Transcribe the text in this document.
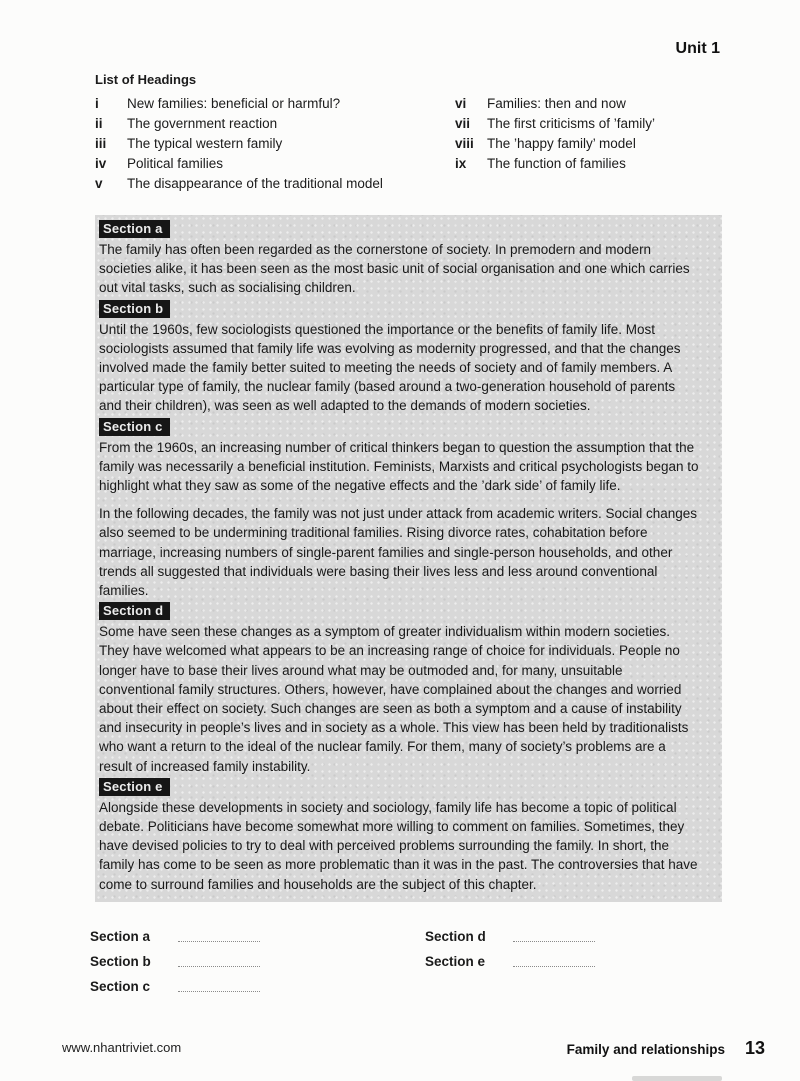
Unit 1
List of Headings
i	New families: beneficial or harmful?
ii	The government reaction
iii	The typical western family
iv	Political families
v	The disappearance of the traditional model
vi	Families: then and now
vii	The first criticisms of ’family’
viii The ’happy family’ model
ix	The function of families
Section a

The family has often been regarded as the cornerstone of society. In premodern and modern societies alike, it has been seen as the most basic unit of social organisation and one which carries out vital tasks, such as socialising children.

Section b

Until the 1960s, few sociologists questioned the importance or the benefits of family life. Most sociologists assumed that family life was evolving as modernity progressed, and that the changes involved made the family better suited to meeting the needs of society and of family members. A particular type of family, the nuclear family (based around a two-generation household of parents and their children), was seen as well adapted to the demands of modern societies.

Section c

From the 1960s, an increasing number of critical thinkers began to question the assumption that the family was necessarily a beneficial institution. Feminists, Marxists and critical psychologists began to highlight what they saw as some of the negative effects and the ’dark side’ of family life.

In the following decades, the family was not just under attack from academic writers. Social changes also seemed to be undermining traditional families. Rising divorce rates, cohabitation before marriage, increasing numbers of single-parent families and single-person households, and other trends all suggested that individuals were basing their lives less and less around conventional families.

Section d

Some have seen these changes as a symptom of greater individualism within modern societies. They have welcomed what appears to be an increasing range of choice for individuals. People no longer have to base their lives around what may be outmoded and, for many, unsuitable conventional family structures. Others, however, have complained about the changes and worried about their effect on society. Such changes are seen as both a symptom and a cause of instability and insecurity in people’s lives and in society as a whole. This view has been held by traditionalists who want a return to the ideal of the nuclear family. For them, many of society’s problems are a result of increased family instability.

Section e

Alongside these developments in society and sociology, family life has become a topic of political debate. Politicians have become somewhat more willing to comment on families. Sometimes, they have devised policies to try to deal with perceived problems surrounding the family. In short, the family has come to be seen as more problematic than it was in the past. The controversies that have come to surround families and households are the subject of this chapter.

Section a
Section b
Section c
Section d
Section e
www.nhantriviet.com	Family and relationships 13
